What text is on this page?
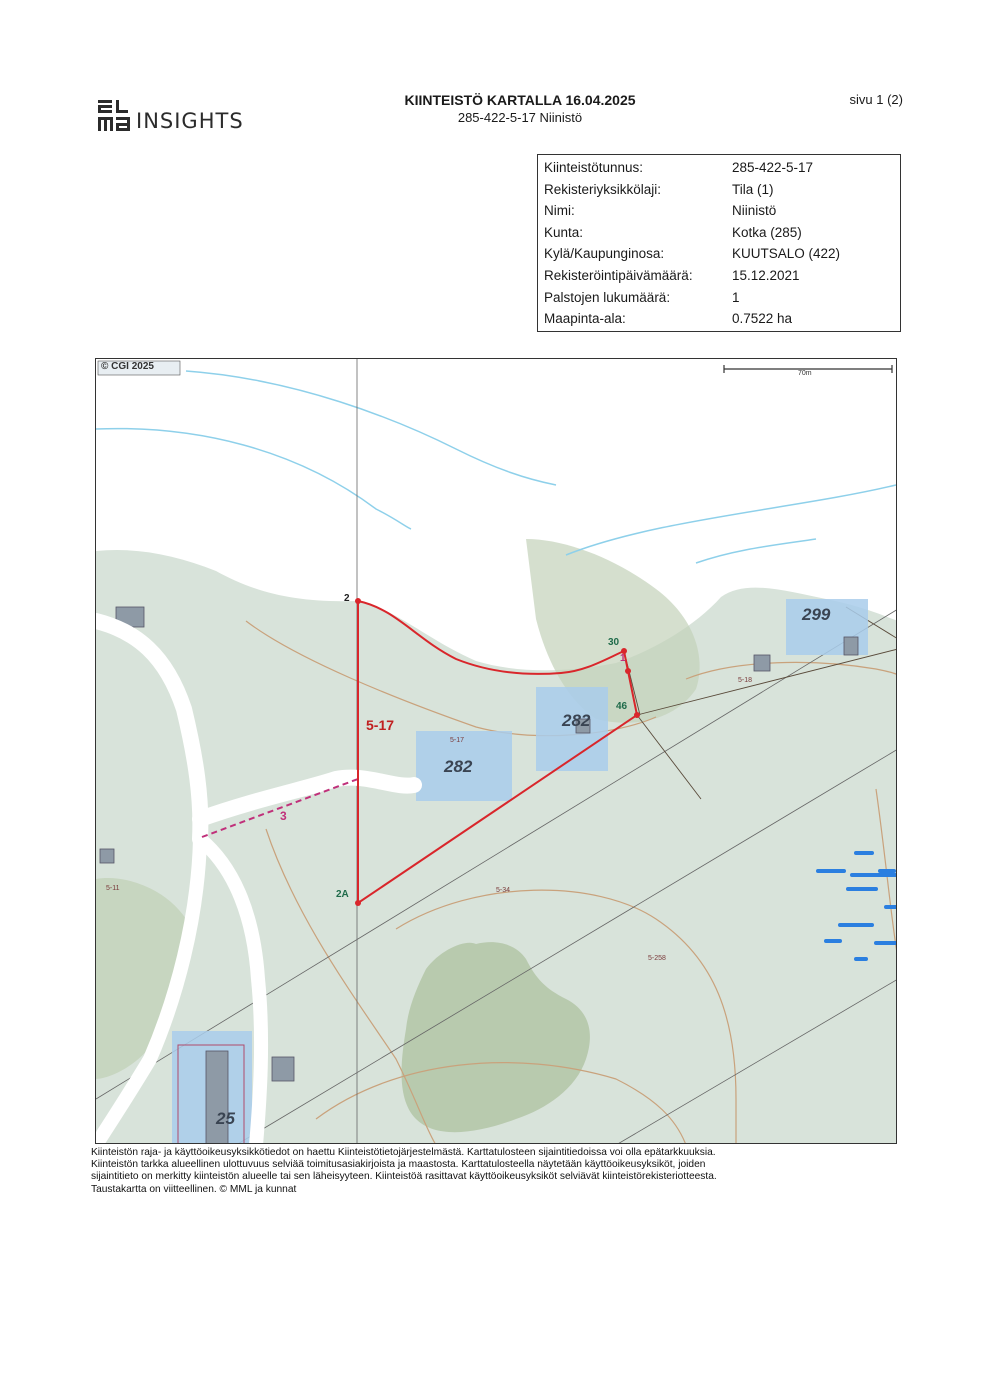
INSIGHTS
KIINTEISTÖ KARTALLA 16.04.2025
285-422-5-17 Niinistö
sivu 1 (2)
Kiinteistötunnus:	285-422-5-17
Rekisteriyksikkölaji:	Tila (1)
Nimi:	Niinistö
Kunta:	Kotka (285)
Kylä/Kaupunginosa:	KUUTSALO (422)
Rekisteröintipäivämäärä:	15.12.2021
Palstojen lukumäärä:	1
Maapinta-ala:	0.7522 ha
© CGI 2025
70m
5-17
2
30
1
46
2A
3
282
282
299
25
5-17
5-18
5-11	5-34
5-258
Kiinteistön raja- ja käyttöoikeusyksikkötiedot on haettu Kiinteistötietojärjestelmästä. Karttatulosteen sijaintitiedoissa voi olla epätarkkuuksia.
Kiinteistön tarkka alueellinen ulottuvuus selviää toimitusasiakirjoista ja maastosta. Karttatulosteella näytetään käyttöoikeusyksiköt, joiden
sijaintitieto on merkitty kiinteistön alueelle tai sen läheisyyteen. Kiinteistöä rasittavat käyttöoikeusyksiköt selviävät kiinteistörekisteriotteesta.
Taustakartta on viitteellinen. © MML ja kunnat
